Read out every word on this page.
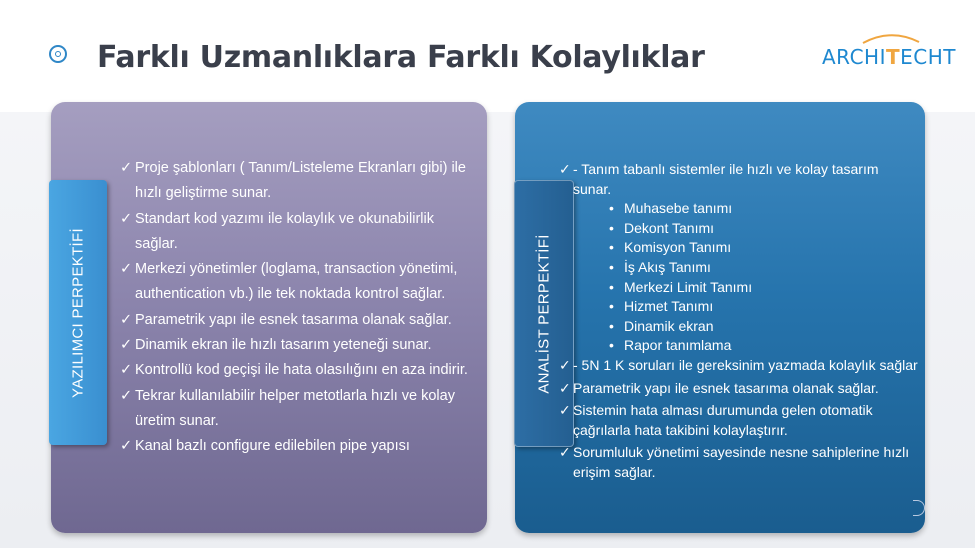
Farklı Uzmanlıklara Farklı Kolaylıklar	ARCHI T ECHT
YAZILIMCI PERPEKTİFİ
✓ Proje şablonları ( Tanım/Listeleme Ekranları gibi) ile hızlı geliştirme sunar.
✓ Standart kod yazımı ile kolaylık ve okunabilirlik sağlar.
✓ Merkezi yönetimler (loglama, transaction yönetimi, authentication vb.) ile tek noktada kontrol sağlar.
✓ Parametrik yapı ile esnek tasarıma olanak sağlar.
✓ Dinamik ekran ile hızlı tasarım yeteneği sunar.
✓ Kontrollü kod geçişi ile hata olasılığını en aza indirir.
✓ Tekrar kullanılabilir helper metotlarla hızlı ve kolay üretim sunar.
✓ Kanal bazlı configure edilebilen pipe yapısı
ANALİST PERPEKTİFİ
✓ - Tanım tabanlı sistemler ile hızlı ve kolay tasarım sunar.
• Muhasebe tanımı
• Dekont Tanımı
• Komisyon Tanımı
• İş Akış Tanımı
• Merkezi Limit Tanımı
• Hizmet Tanımı
• Dinamik ekran
• Rapor tanımlama
✓ - 5N 1 K soruları ile gereksinim yazmada kolaylık sağlar
✓ Parametrik yapı ile esnek tasarıma olanak sağlar.
✓ Sistemin hata alması durumunda gelen otomatik çağrılarla hata takibini kolaylaştırır.
✓ Sorumluluk yönetimi sayesinde nesne sahiplerine hızlı erişim sağlar.
